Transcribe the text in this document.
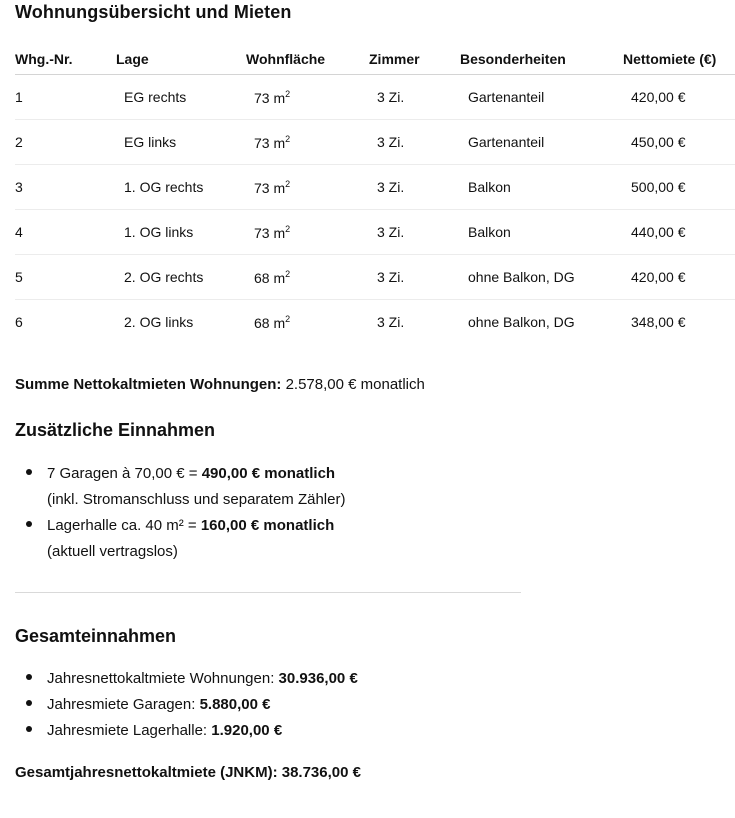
Wohnungsübersicht und Mieten
Whg.-Nr.	Lage	Wohnfläche	Zimmer	Besonderheiten	Nettomiete (€)
1	EG rechts	73 $m^2$	3 Zi.	Gartenanteil	420,00 €
2	EG links	73 $m^2$	3 Zi.	Gartenanteil	450,00 €
3	1. OG rechts	73 $m^2$	3 Zi.	Balkon	500,00 €
4	1. OG links	73 $m^2$	3 Zi.	Balkon	440,00 €
5	2. OG rechts	68 $m^2$	3 Zi.	ohne Balkon, DG	420,00 €
6	2. OG links	68 $m^2$	3 Zi.	ohne Balkon, DG	348,00 €
Summe Nettokaltmieten Wohnungen: 2.578,00 € monatlich
Zusätzliche Einnahmen
7 Garagen à 70,00 € = 490,00 € monatlich
(inkl. Stromanschluss und separatem Zähler)
Lagerhalle ca. 40 m² = 160,00 € monatlich
(aktuell vertragslos)
Gesamteinnahmen
Jahresnettokaltmiete Wohnungen: 30.936,00 €
Jahresmiete Garagen: 5.880,00 €
Jahresmiete Lagerhalle: 1.920,00 €
Gesamtjahresnettokaltmiete (JNKM): 38.736,00 €
